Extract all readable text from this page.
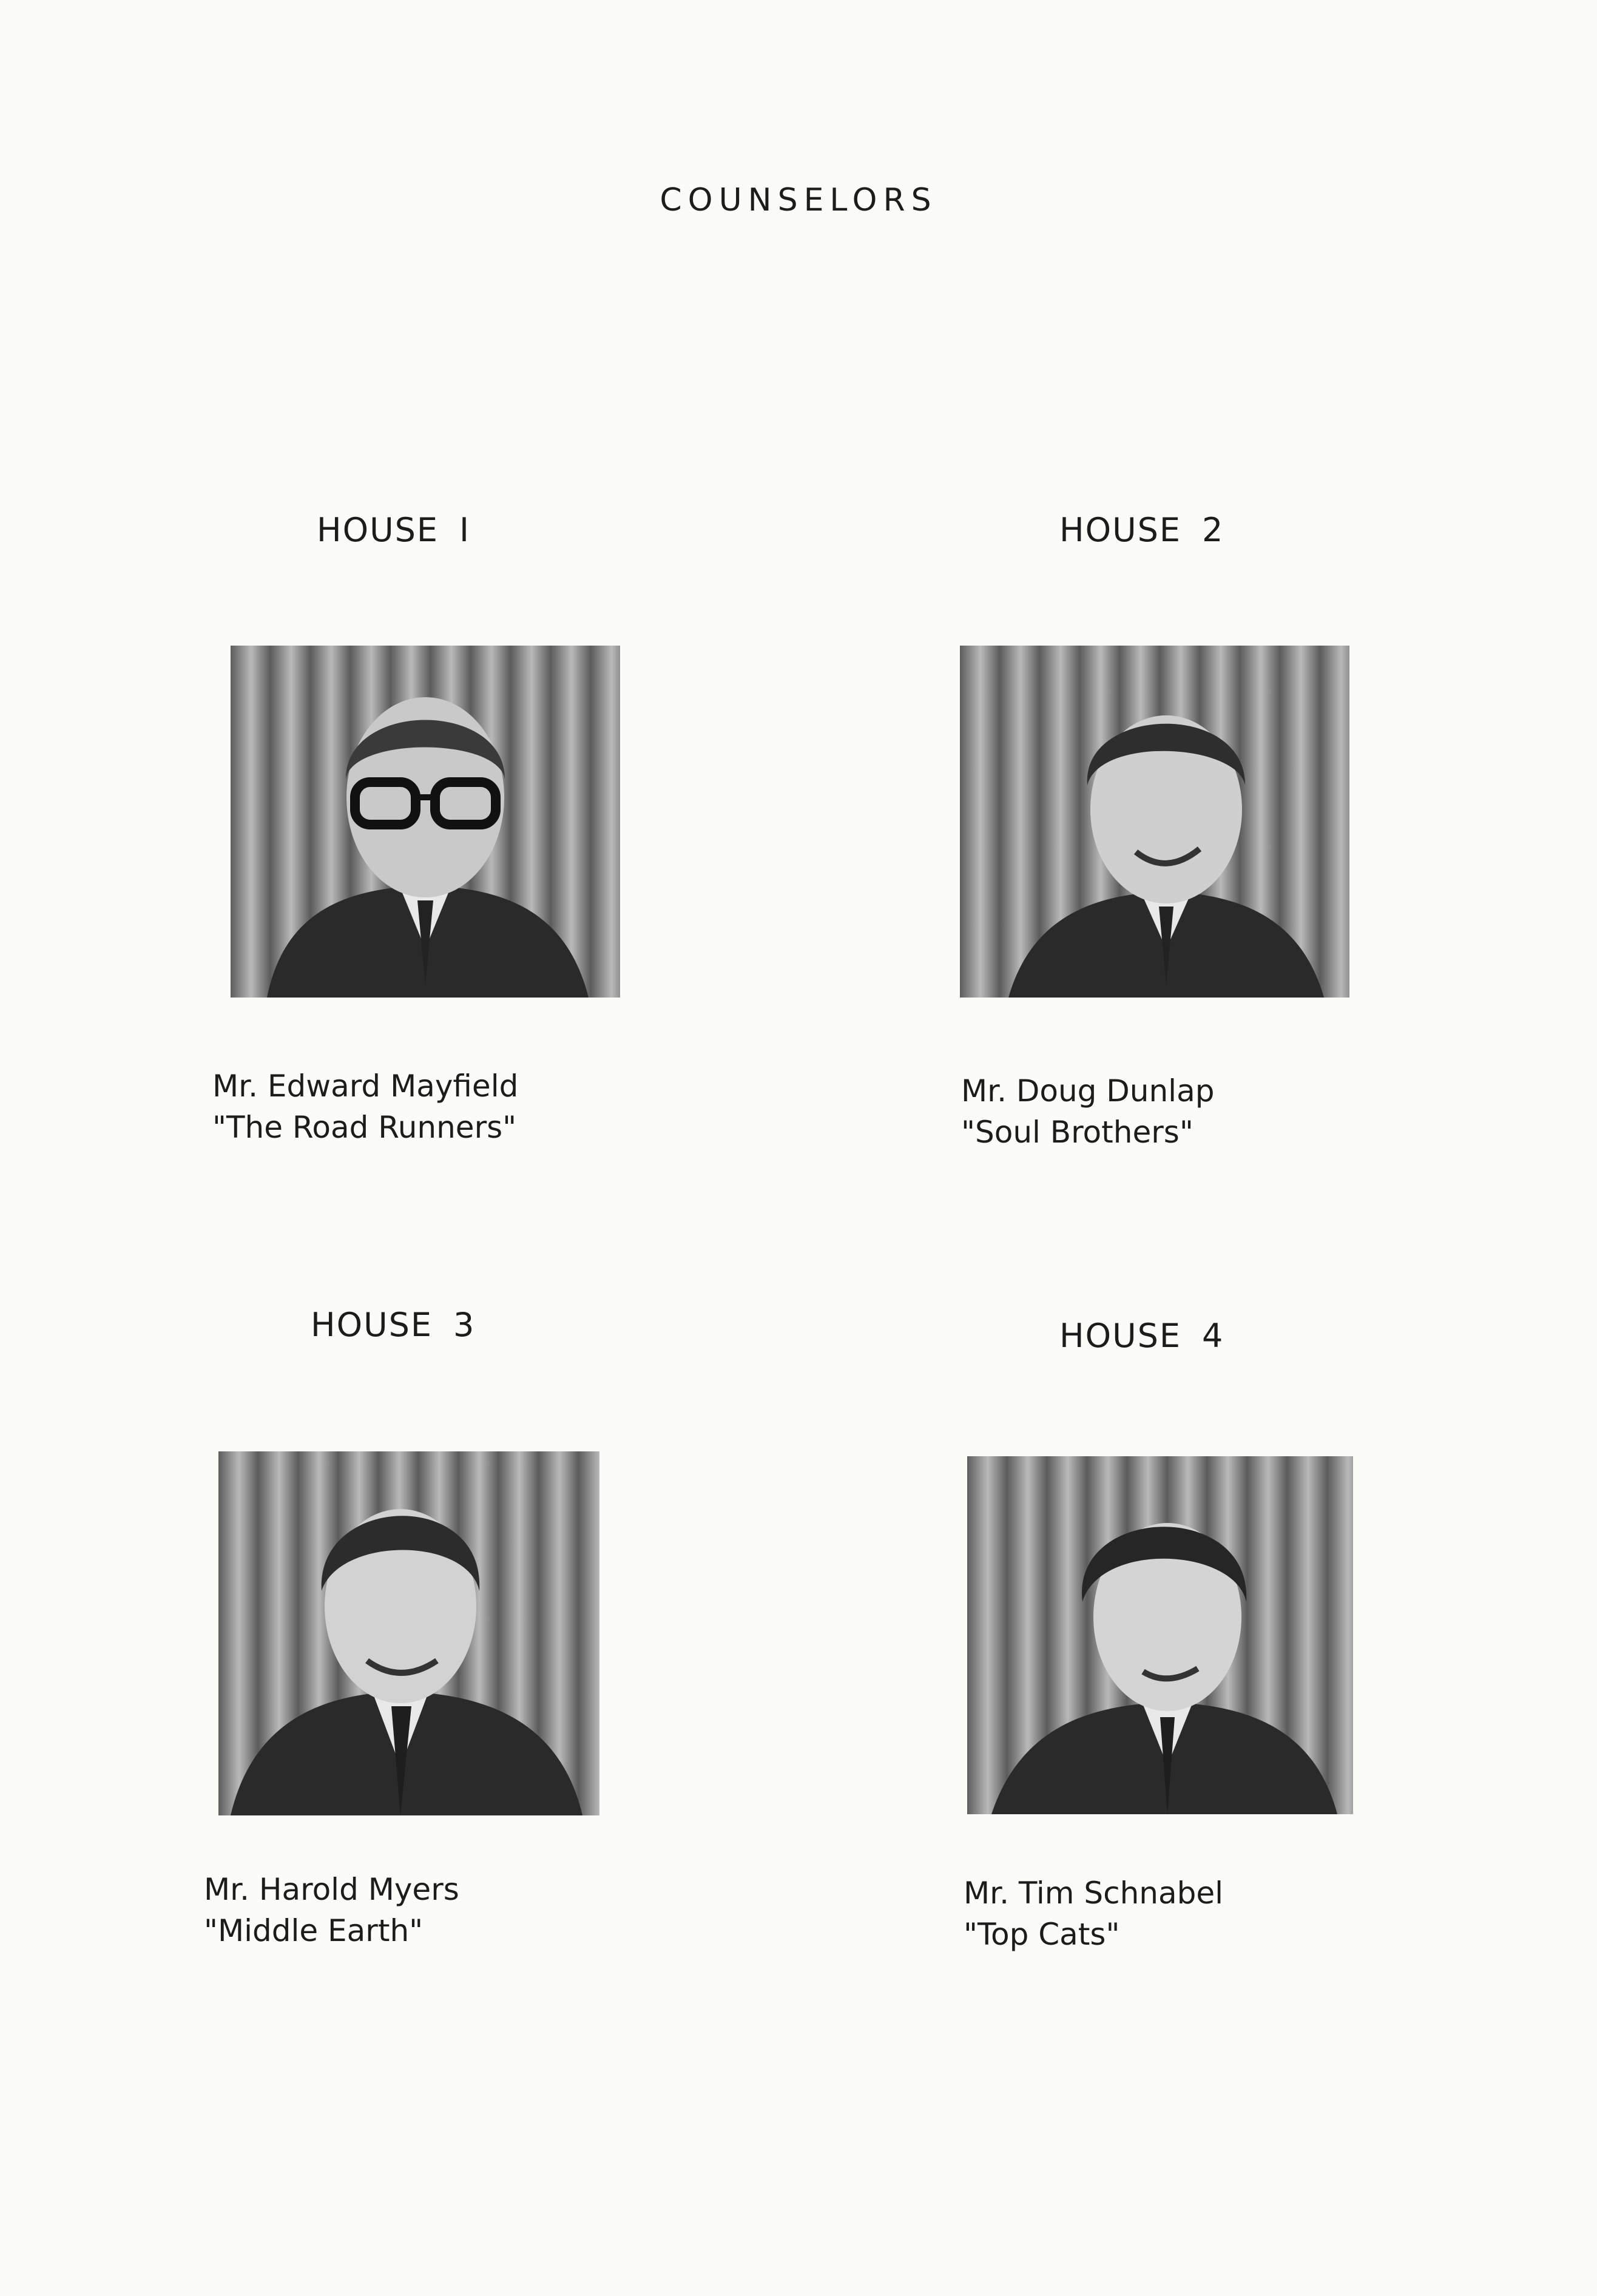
COUNSELORS
HOUSE I
Mr. Edward Mayfield
"The Road Runners"
HOUSE 2
Mr. Doug Dunlap
"Soul Brothers"
HOUSE 3
Mr. Harold Myers
"Middle Earth"
HOUSE 4
Mr. Tim Schnabel
"Top Cats"
